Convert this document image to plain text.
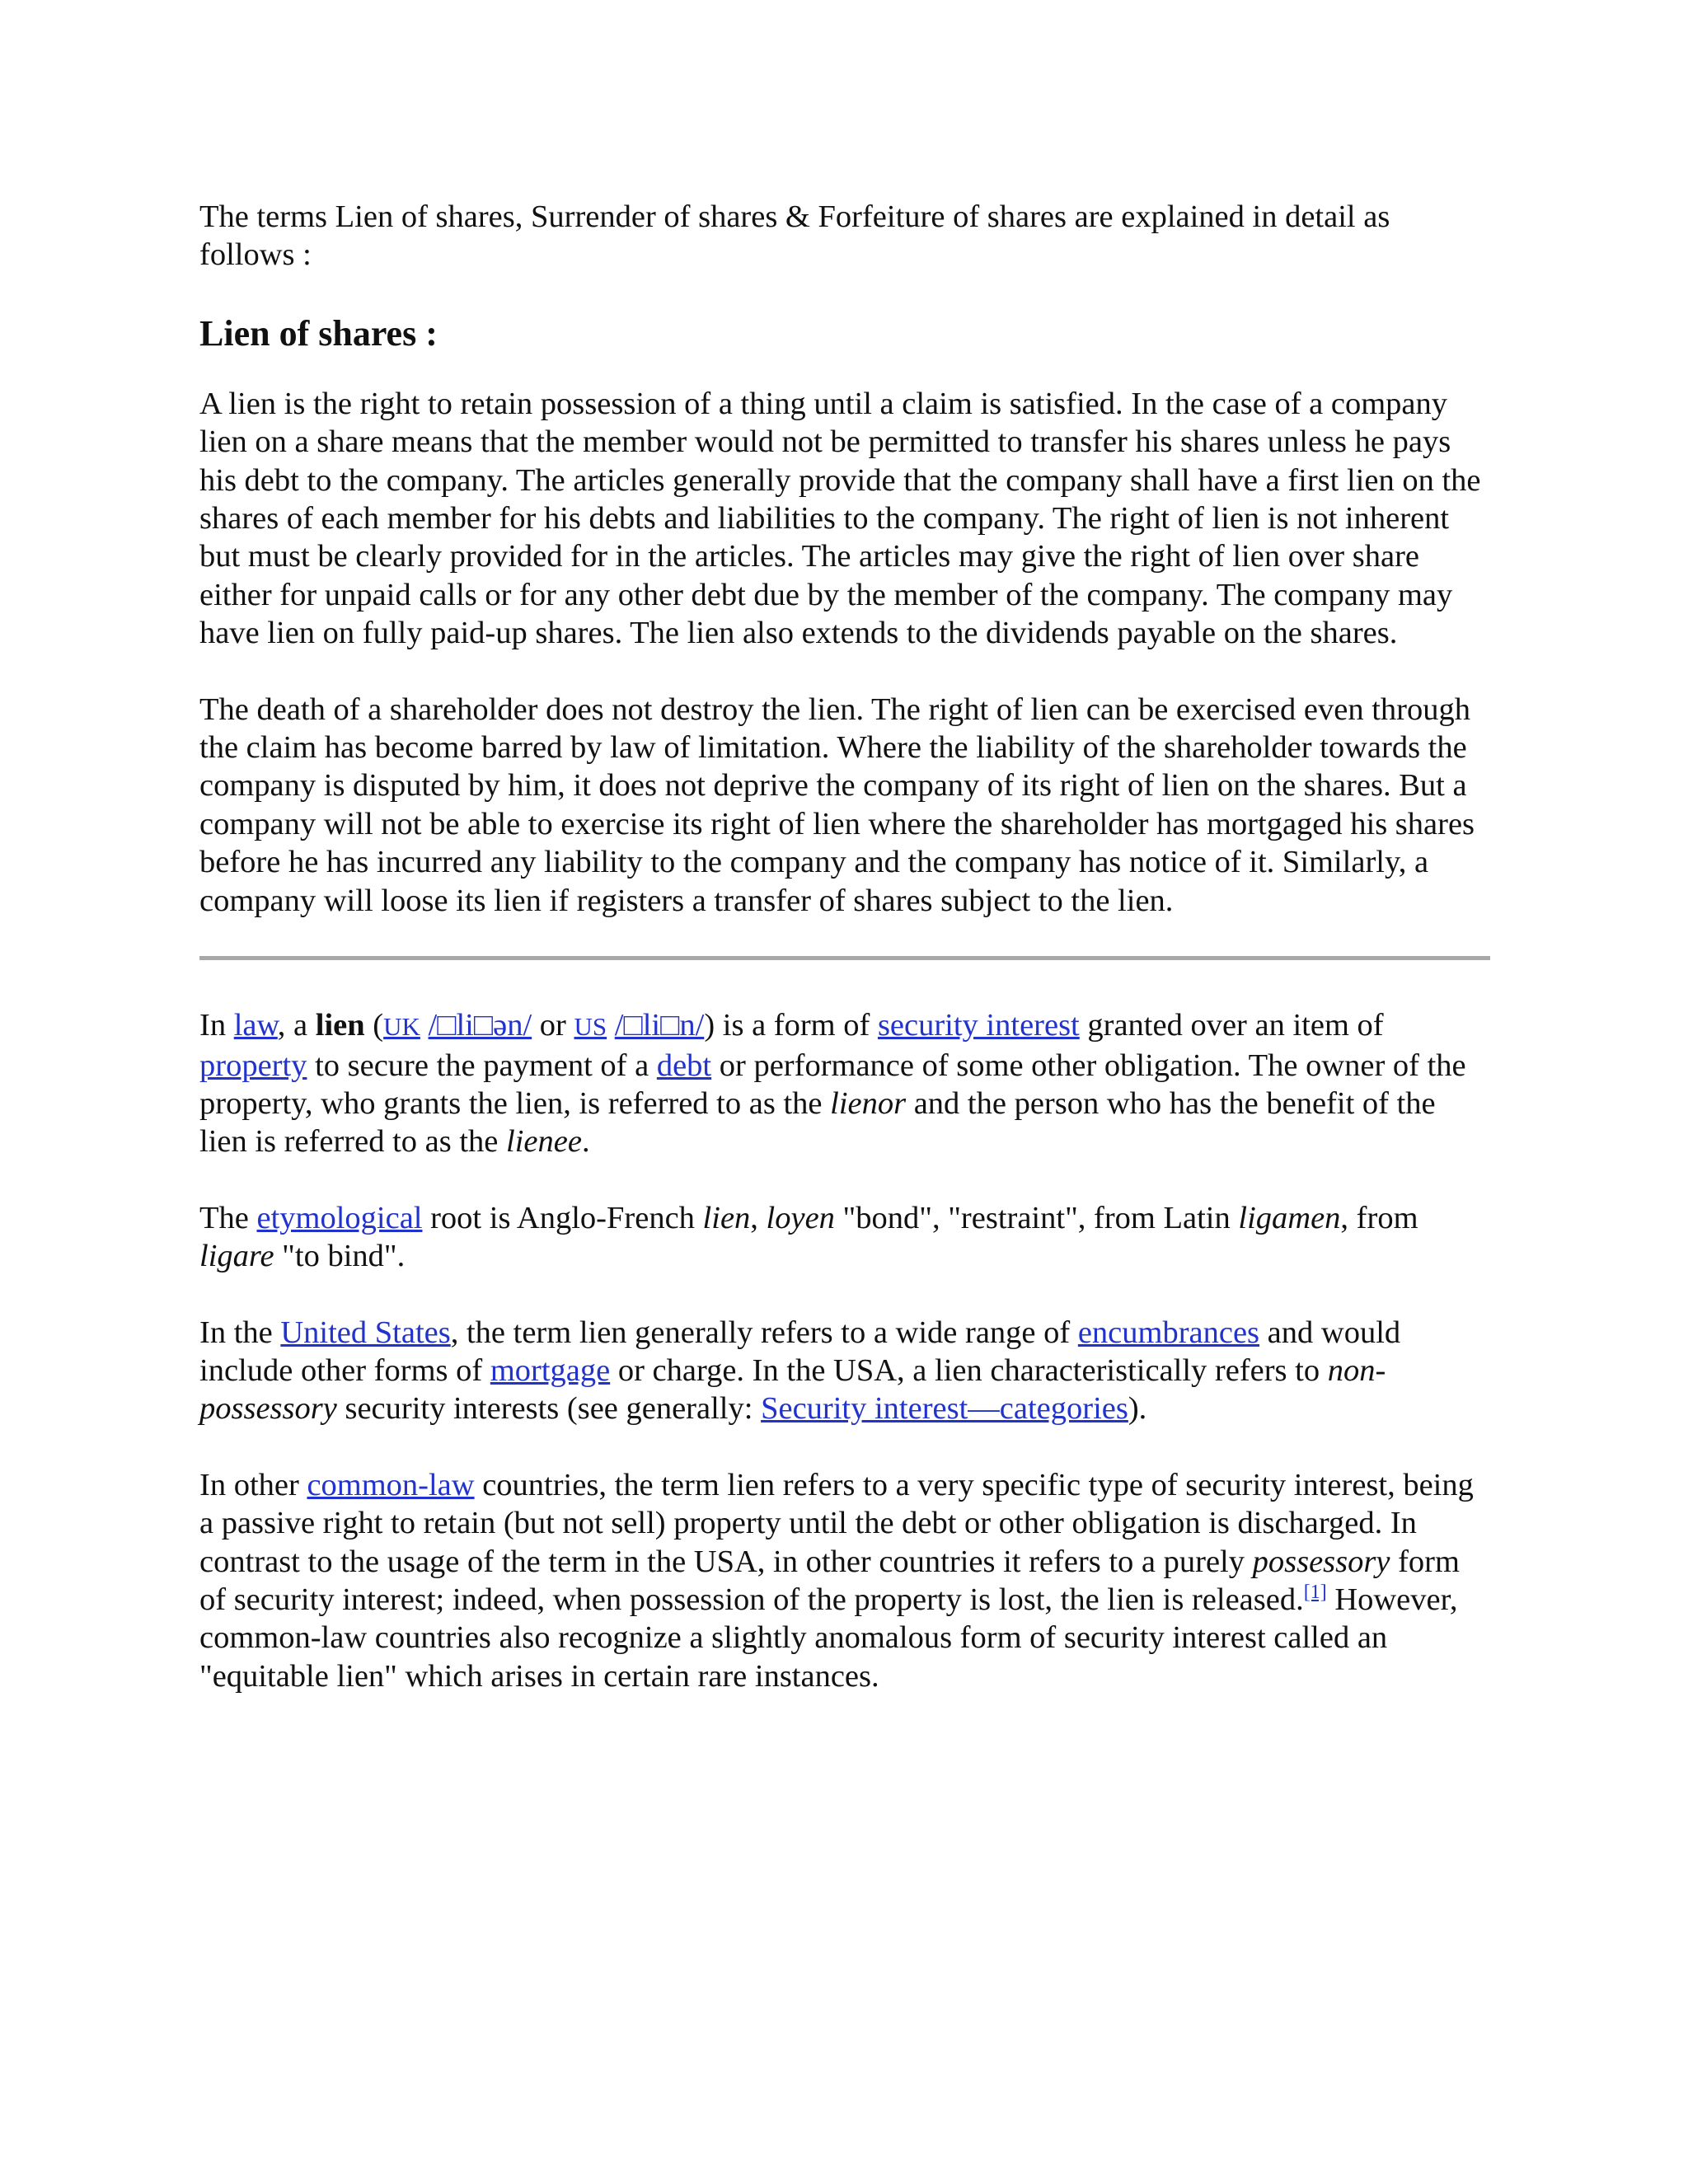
The terms Lien of shares, Surrender of shares & Forfeiture of shares are explained in detail as follows :

Lien of shares :

A lien is the right to retain possession of a thing until a claim is satisfied. In the case of a company lien on a share means that the member would not be permitted to transfer his shares unless he pays his debt to the company. The articles generally provide that the company shall have a first lien on the shares of each member for his debts and liabilities to the company. The right of lien is not inherent but must be clearly provided for in the articles. The articles may give the right of lien over share either for unpaid calls or for any other debt due by the member of the company. The company may have lien on fully paid-up shares. The lien also extends to the dividends payable on the shares.

The death of a shareholder does not destroy the lien. The right of lien can be exercised even through the claim has become barred by law of limitation. Where the liability of the shareholder towards the company is disputed by him, it does not deprive the company of its right of lien on the shares. But a company will not be able to exercise its right of lien where the shareholder has mortgaged his shares before he has incurred any liability to the company and the company has notice of it. Similarly, a company will loose its lien if registers a transfer of shares subject to the lien.

In law, a lien (UK /□li□ən/ or US /□li□n/) is a form of security interest granted over an item of property to secure the payment of a debt or performance of some other obligation. The owner of the property, who grants the lien, is referred to as the lienor and the person who has the benefit of the lien is referred to as the lienee.

The etymological root is Anglo-French lien, loyen "bond", "restraint", from Latin ligamen, from ligare "to bind".

In the United States, the term lien generally refers to a wide range of encumbrances and would include other forms of mortgage or charge. In the USA, a lien characteristically refers to non-possessory security interests (see generally: Security interest—categories).

In other common-law countries, the term lien refers to a very specific type of security interest, being a passive right to retain (but not sell) property until the debt or other obligation is discharged. In contrast to the usage of the term in the USA, in other countries it refers to a purely possessory form of security interest; indeed, when possession of the property is lost, the lien is released.[1] However, common-law countries also recognize a slightly anomalous form of security interest called an "equitable lien" which arises in certain rare instances.
